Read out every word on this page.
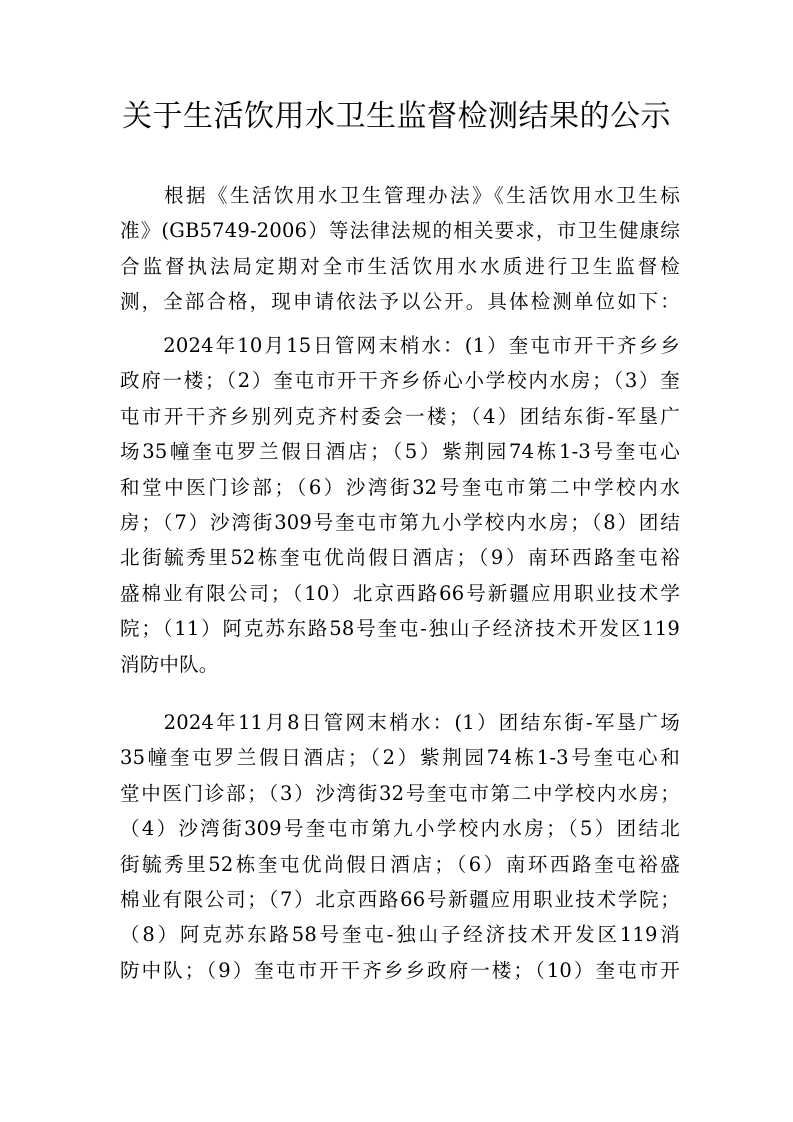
关于生活饮用水卫生监督检测结果的公示

　　根据《生活饮用水卫生管理办法》《生活饮用水卫生标
准》(GB5749-2006）等法律法规的相关要求，市卫生健康综
合监督执法局定期对全市生活饮用水水质进行卫生监督检
测，全部合格，现申请依法予以公开。具体检测单位如下：

　　2024年10月15日管网末梢水：(1）奎屯市开干齐乡乡
政府一楼；（2）奎屯市开干齐乡侨心小学校内水房；（3）奎
屯市开干齐乡别列克齐村委会一楼；（4）团结东街-军垦广
场35幢奎屯罗兰假日酒店；（5）紫荆园74栋1-3号奎屯心
和堂中医门诊部；（6）沙湾街32号奎屯市第二中学校内水
房；（7）沙湾街309号奎屯市第九小学校内水房；（8）团结
北街毓秀里52栋奎屯优尚假日酒店；（9）南环西路奎屯裕
盛棉业有限公司；（10）北京西路66号新疆应用职业技术学
院；（11）阿克苏东路58号奎屯-独山子经济技术开发区119
消防中队。

　　2024年11月8日管网末梢水：(1）团结东街-军垦广场
35幢奎屯罗兰假日酒店；（2）紫荆园74栋1-3号奎屯心和
堂中医门诊部；（3）沙湾街32号奎屯市第二中学校内水房；
（4）沙湾街309号奎屯市第九小学校内水房；（5）团结北
街毓秀里52栋奎屯优尚假日酒店；（6）南环西路奎屯裕盛
棉业有限公司；（7）北京西路66号新疆应用职业技术学院；
（8）阿克苏东路58号奎屯-独山子经济技术开发区119消
防中队；（9）奎屯市开干齐乡乡政府一楼；（10）奎屯市开
